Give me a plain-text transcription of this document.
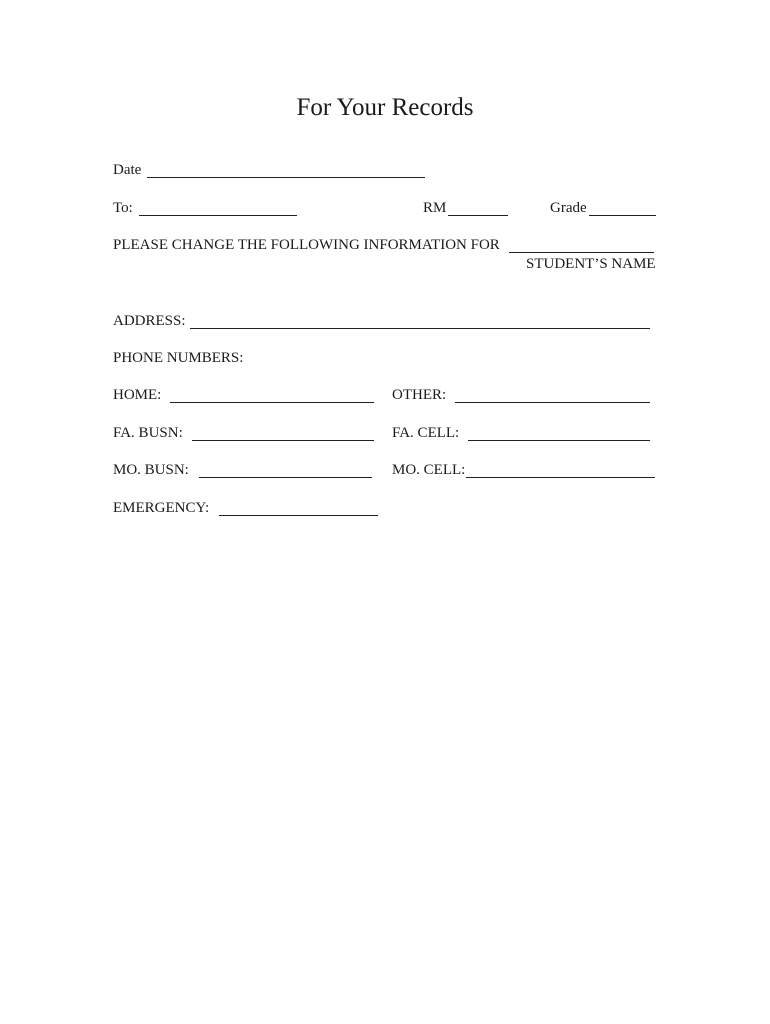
For Your Records
Date
To:	RM	Grade
PLEASE CHANGE THE FOLLOWING INFORMATION FOR
STUDENT’S NAME
ADDRESS:
PHONE NUMBERS:
HOME:	OTHER:
FA. BUSN:	FA. CELL:
MO. BUSN:	MO. CELL:
EMERGENCY:
